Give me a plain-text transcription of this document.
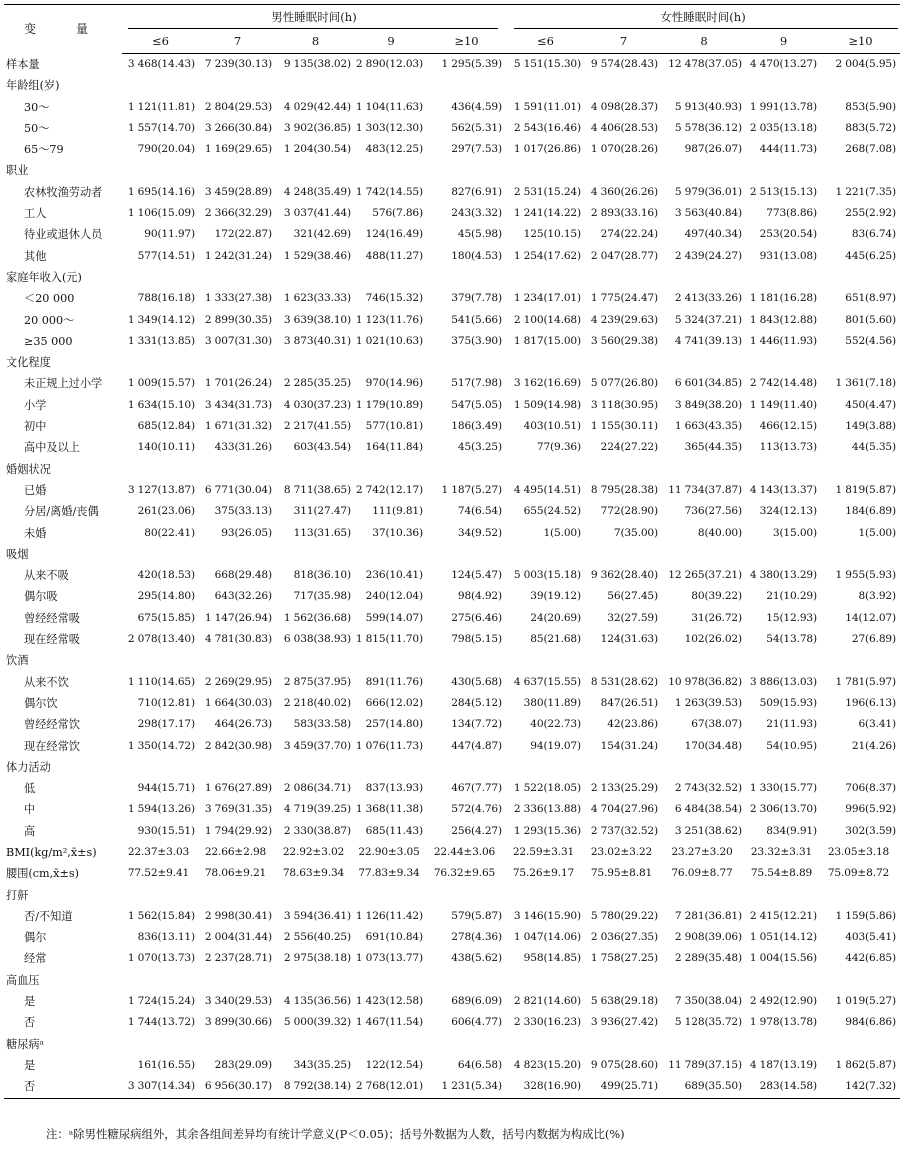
变　量	男性睡眠时间(h)					女性睡眠时间(h)				
	≤6	7	8	9	≥10	≤6	7	8	9	≥10
样本量	3 468(14.43)	7 239(30.13)	9 135(38.02)	2 890(12.03)	1 295(5.39)	5 151(15.30)	9 574(28.43)	12 478(37.05)	4 470(13.27)	2 004(5.95)
年龄组(岁)										
30～	1 121(11.81)	2 804(29.53)	4 029(42.44)	1 104(11.63)	436(4.59)	1 591(11.01)	4 098(28.37)	5 913(40.93)	1 991(13.78)	853(5.90)
50～	1 557(14.70)	3 266(30.84)	3 902(36.85)	1 303(12.30)	562(5.31)	2 543(16.46)	4 406(28.53)	5 578(36.12)	2 035(13.18)	883(5.72)
65～79	790(20.04)	1 169(29.65)	1 204(30.54)	483(12.25)	297(7.53)	1 017(26.86)	1 070(28.26)	987(26.07)	444(11.73)	268(7.08)
职业										
农林牧渔劳动者	1 695(14.16)	3 459(28.89)	4 248(35.49)	1 742(14.55)	827(6.91)	2 531(15.24)	4 360(26.26)	5 979(36.01)	2 513(15.13)	1 221(7.35)
工人	1 106(15.09)	2 366(32.29)	3 037(41.44)	576(7.86)	243(3.32)	1 241(14.22)	2 893(33.16)	3 563(40.84)	773(8.86)	255(2.92)
待业或退休人员	90(11.97)	172(22.87)	321(42.69)	124(16.49)	45(5.98)	125(10.15)	274(22.24)	497(40.34)	253(20.54)	83(6.74)
其他	577(14.51)	1 242(31.24)	1 529(38.46)	488(11.27)	180(4.53)	1 254(17.62)	2 047(28.77)	2 439(24.27)	931(13.08)	445(6.25)
家庭年收入(元)										
＜20 000	788(16.18)	1 333(27.38)	1 623(33.33)	746(15.32)	379(7.78)	1 234(17.01)	1 775(24.47)	2 413(33.26)	1 181(16.28)	651(8.97)
20 000～	1 349(14.12)	2 899(30.35)	3 639(38.10)	1 123(11.76)	541(5.66)	2 100(14.68)	4 239(29.63)	5 324(37.21)	1 843(12.88)	801(5.60)
≥35 000	1 331(13.85)	3 007(31.30)	3 873(40.31)	1 021(10.63)	375(3.90)	1 817(15.00)	3 560(29.38)	4 741(39.13)	1 446(11.93)	552(4.56)
文化程度										
未正规上过小学	1 009(15.57)	1 701(26.24)	2 285(35.25)	970(14.96)	517(7.98)	3 162(16.69)	5 077(26.80)	6 601(34.85)	2 742(14.48)	1 361(7.18)
小学	1 634(15.10)	3 434(31.73)	4 030(37.23)	1 179(10.89)	547(5.05)	1 509(14.98)	3 118(30.95)	3 849(38.20)	1 149(11.40)	450(4.47)
初中	685(12.84)	1 671(31.32)	2 217(41.55)	577(10.81)	186(3.49)	403(10.51)	1 155(30.11)	1 663(43.35)	466(12.15)	149(3.88)
高中及以上	140(10.11)	433(31.26)	603(43.54)	164(11.84)	45(3.25)	77(9.36)	224(27.22)	365(44.35)	113(13.73)	44(5.35)
婚姻状况										
已婚	3 127(13.87)	6 771(30.04)	8 711(38.65)	2 742(12.17)	1 187(5.27)	4 495(14.51)	8 795(28.38)	11 734(37.87)	4 143(13.37)	1 819(5.87)
分居/离婚/丧偶	261(23.06)	375(33.13)	311(27.47)	111(9.81)	74(6.54)	655(24.52)	772(28.90)	736(27.56)	324(12.13)	184(6.89)
未婚	80(22.41)	93(26.05)	113(31.65)	37(10.36)	34(9.52)	1(5.00)	7(35.00)	8(40.00)	3(15.00)	1(5.00)
吸烟										
从来不吸	420(18.53)	668(29.48)	818(36.10)	236(10.41)	124(5.47)	5 003(15.18)	9 362(28.40)	12 265(37.21)	4 380(13.29)	1 955(5.93)
偶尔吸	295(14.80)	643(32.26)	717(35.98)	240(12.04)	98(4.92)	39(19.12)	56(27.45)	80(39.22)	21(10.29)	8(3.92)
曾经经常吸	675(15.85)	1 147(26.94)	1 562(36.68)	599(14.07)	275(6.46)	24(20.69)	32(27.59)	31(26.72)	15(12.93)	14(12.07)
现在经常吸	2 078(13.40)	4 781(30.83)	6 038(38.93)	1 815(11.70)	798(5.15)	85(21.68)	124(31.63)	102(26.02)	54(13.78)	27(6.89)
饮酒										
从来不饮	1 110(14.65)	2 269(29.95)	2 875(37.95)	891(11.76)	430(5.68)	4 637(15.55)	8 531(28.62)	10 978(36.82)	3 886(13.03)	1 781(5.97)
偶尔饮	710(12.81)	1 664(30.03)	2 218(40.02)	666(12.02)	284(5.12)	380(11.89)	847(26.51)	1 263(39.53)	509(15.93)	196(6.13)
曾经经常饮	298(17.17)	464(26.73)	583(33.58)	257(14.80)	134(7.72)	40(22.73)	42(23.86)	67(38.07)	21(11.93)	6(3.41)
现在经常饮	1 350(14.72)	2 842(30.98)	3 459(37.70)	1 076(11.73)	447(4.87)	94(19.07)	154(31.24)	170(34.48)	54(10.95)	21(4.26)
体力活动										
低	944(15.71)	1 676(27.89)	2 086(34.71)	837(13.93)	467(7.77)	1 522(18.05)	2 133(25.29)	2 743(32.52)	1 330(15.77)	706(8.37)
中	1 594(13.26)	3 769(31.35)	4 719(39.25)	1 368(11.38)	572(4.76)	2 336(13.88)	4 704(27.96)	6 484(38.54)	2 306(13.70)	996(5.92)
高	930(15.51)	1 794(29.92)	2 330(38.87)	685(11.43)	256(4.27)	1 293(15.36)	2 737(32.52)	3 251(38.62)	834(9.91)	302(3.59)
BMI(kg/m²,x̄±s)	22.37±3.03	22.66±2.98	22.92±3.02	22.90±3.05	22.44±3.06	22.59±3.31	23.02±3.22	23.27±3.20	23.32±3.31	23.05±3.18
腰围(cm,x̄±s)	77.52±9.41	78.06±9.21	78.63±9.34	77.83±9.34	76.32±9.65	75.26±9.17	75.95±8.81	76.09±8.77	75.54±8.89	75.09±8.72
打鼾										
否/不知道	1 562(15.84)	2 998(30.41)	3 594(36.41)	1 126(11.42)	579(5.87)	3 146(15.90)	5 780(29.22)	7 281(36.81)	2 415(12.21)	1 159(5.86)
偶尔	836(13.11)	2 004(31.44)	2 556(40.25)	691(10.84)	278(4.36)	1 047(14.06)	2 036(27.35)	2 908(39.06)	1 051(14.12)	403(5.41)
经常	1 070(13.73)	2 237(28.71)	2 975(38.18)	1 073(13.77)	438(5.62)	958(14.85)	1 758(27.25)	2 289(35.48)	1 004(15.56)	442(6.85)
高血压										
是	1 724(15.24)	3 340(29.53)	4 135(36.56)	1 423(12.58)	689(6.09)	2 821(14.60)	5 638(29.18)	7 350(38.04)	2 492(12.90)	1 019(5.27)
否	1 744(13.72)	3 899(30.66)	5 000(39.32)	1 467(11.54)	606(4.77)	2 330(16.23)	3 936(27.42)	5 128(35.72)	1 978(13.78)	984(6.86)
糖尿病ᵃ										
是	161(16.55)	283(29.09)	343(35.25)	122(12.54)	64(6.58)	4 823(15.20)	9 075(28.60)	11 789(37.15)	4 187(13.19)	1 862(5.87)
否	3 307(14.34)	6 956(30.17)	8 792(38.14)	2 768(12.01)	1 231(5.34)	328(16.90)	499(25.71)	689(35.50)	283(14.58)	142(7.32)
注：ᵃ除男性糖尿病组外，其余各组间差异均有统计学意义(P＜0.05)；括号外数据为人数，括号内数据为构成比(%)
